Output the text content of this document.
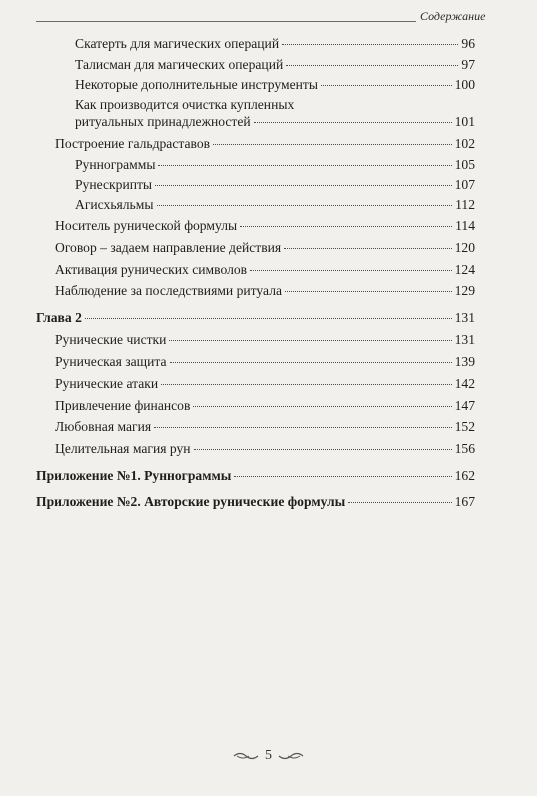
Содержание
Скатерть для магических операций	96
Талисман для магических операций	97
Некоторые дополнительные инструменты	100
Как производится очистка купленных
ритуальных принадлежностей	101
Построение гальдраставов	102
Руннограммы	105
Рунескрипты	107
Агисхьяльмы	112
Носитель рунической формулы	114
Оговор – задаем направление действия	120
Активация рунических символов	124
Наблюдение за последствиями ритуала	129
Глава 2	131
Рунические чистки	131
Руническая защита	139
Рунические атаки	142
Привлечение финансов	147
Любовная магия	152
Целительная магия рун	156
Приложение №1. Руннограммы	162
Приложение №2. Авторские рунические формулы	167
5
